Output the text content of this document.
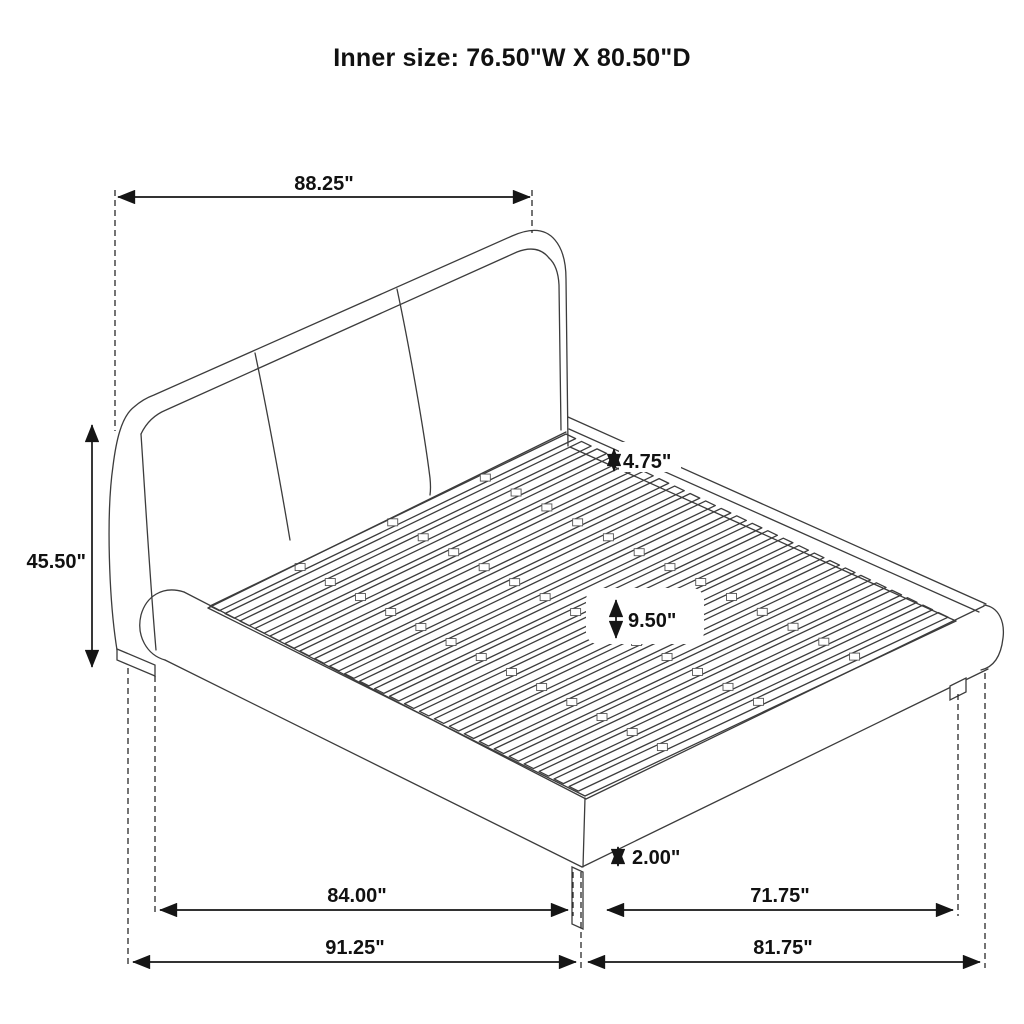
Inner size: 76.50"W X 80.50"D
88.25"
45.50"
4.75"
9.50"
2.00"
84.00"	71.75"
91.25"	81.75"
